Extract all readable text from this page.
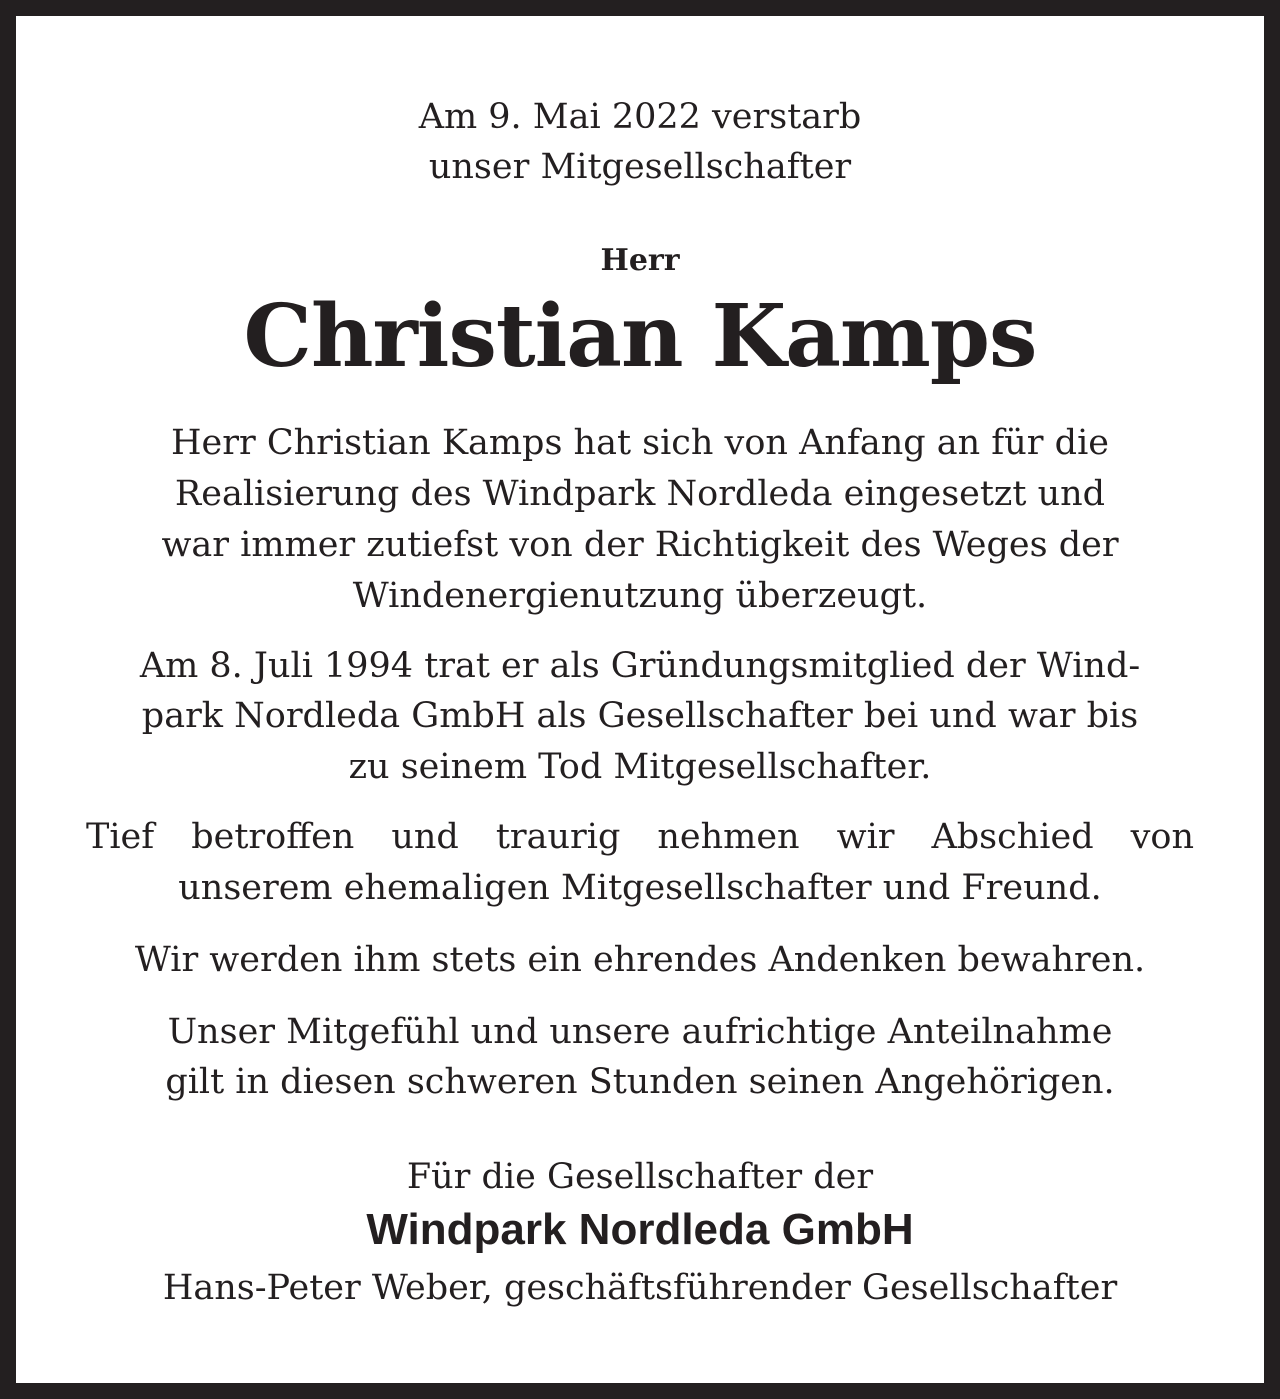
Am 9. Mai 2022 verstarb
unser Mitgesellschafter
Herr
Christian Kamps
Herr Christian Kamps hat sich von Anfang an für die
Realisierung des Windpark Nordleda eingesetzt und
war immer zutiefst von der Richtigkeit des Weges der
Windenergienutzung überzeugt.
Am 8. Juli 1994 trat er als Gründungsmitglied der Wind-
park Nordleda GmbH als Gesellschafter bei und war bis
zu seinem Tod Mitgesellschafter.
Tief betroffen und traurig nehmen wir Abschied von
unserem ehemaligen Mitgesellschafter und Freund.
Wir werden ihm stets ein ehrendes Andenken bewahren.
Unser Mitgefühl und unsere aufrichtige Anteilnahme
gilt in diesen schweren Stunden seinen Angehörigen.
Für die Gesellschafter der
Windpark Nordleda GmbH
Hans-Peter Weber, geschäftsführender Gesellschafter
